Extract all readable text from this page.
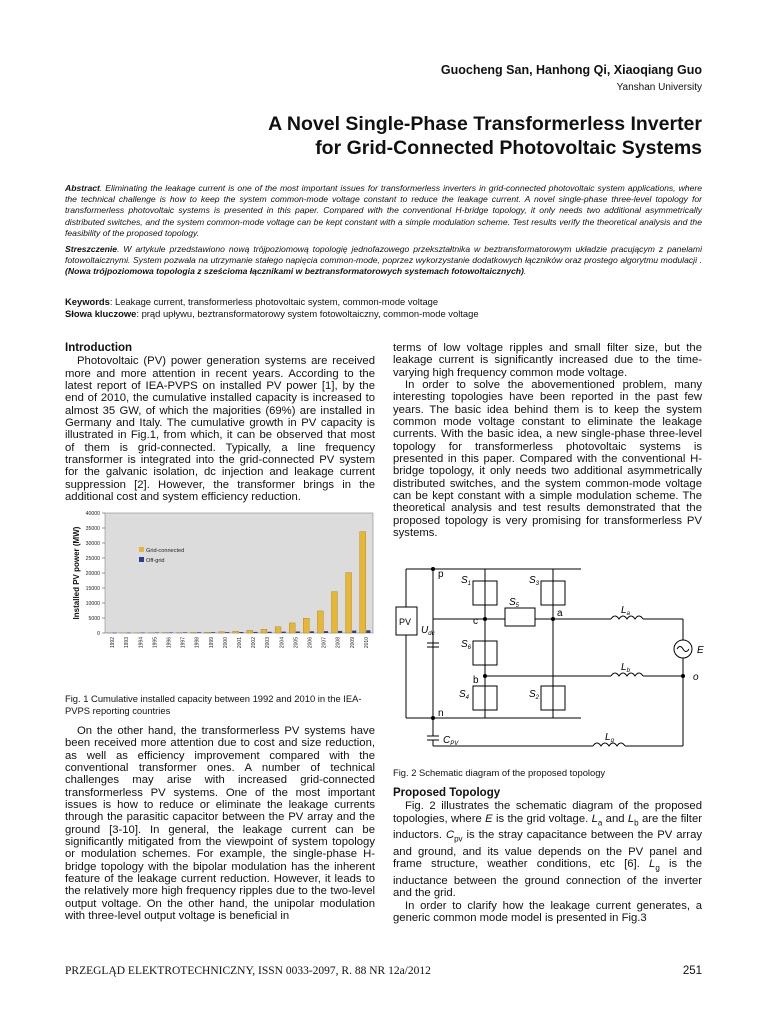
Guocheng San, Hanhong Qi, Xiaoqiang Guo
Yanshan University
A Novel Single-Phase Transformerless Inverter
for Grid-Connected Photovoltaic Systems
Abstract. Eliminating the leakage current is one of the most important issues for transformerless inverters in grid-connected photovoltaic system applications, where the technical challenge is how to keep the system common-mode voltage constant to reduce the leakage current. A novel single-phase three-level topology for transformerless photovoltaic systems is presented in this paper. Compared with the conventional H-bridge topology, it only needs two additional asymmetrically distributed switches, and the system common-mode voltage can be kept constant with a simple modulation scheme. Test results verify the theoretical analysis and the feasibility of the proposed topology.
Streszczenie. W artykule przedstawiono nową trójpoziomową topologię jednofazowego przekształtnika w beztransformatorowym układzie pracującym z panelami fotowoltaicznymi. System pozwala na utrzymanie stałego napięcia common-mode, poprzez wykorzystanie dodatkowych łączników oraz prostego algorytmu modulacji . (Nowa trójpoziomowa topologia z sześcioma łącznikami w beztransformatorowych systemach fotowoltaicznych).
Keywords: Leakage current, transformerless photovoltaic system, common-mode voltage
Słowa kluczowe: prąd upływu, beztransformatorowy system fotowoltaiczny, common-mode voltage
Introduction

Photovoltaic (PV) power generation systems are received more and more attention in recent years. According to the latest report of IEA-PVPS on installed PV power [1], by the end of 2010, the cumulative installed capacity is increased to almost 35 GW, of which the majorities (69%) are installed in Germany and Italy. The cumulative growth in PV capacity is illustrated in Fig.1, from which, it can be observed that most of them is grid-connected. Typically, a line frequency transformer is integrated into the grid-connected PV system for the galvanic isolation, dc injection and leakage current suppression [2]. However, the transformer brings in the additional cost and system efficiency reduction.

0
5000
10000
15000
20000
25000
30000
35000
40000
1992 1993 1994 1995 1996 1997 1998 1999 2000 2001 2002 2003 2004 2005 2006 2007 2008 2009 2010
Grid-connected
Off-grid
Installed PV power (MW)
Fig. 1 Cumulative installed capacity between 1992 and 2010 in the IEA-PVPS reporting countries

On the other hand, the transformerless PV systems have been received more attention due to cost and size reduction, as well as efficiency improvement compared with the conventional transformer ones. A number of technical challenges may arise with increased grid-connected transformerless PV systems. One of the most important issues is how to reduce or eliminate the leakage currents through the parasitic capacitor between the PV array and the ground [3-10]. In general, the leakage current can be significantly mitigated from the viewpoint of system topology or modulation schemes. For example, the single-phase H-bridge topology with the bipolar modulation has the inherent feature of the leakage current reduction. However, it leads to the relatively more high frequency ripples due to the two-level output voltage. On the other hand, the unipolar modulation with three-level output voltage is beneficial in

terms of low voltage ripples and small filter size, but the leakage current is significantly increased due to the time-varying high frequency common mode voltage.

In order to solve the abovementioned problem, many interesting topologies have been reported in the past few years. The basic idea behind them is to keep the system common mode voltage constant to eliminate the leakage currents. With the basic idea, a new single-phase three-level topology for transformerless photovoltaic systems is presented in this paper. Compared with the conventional H-bridge topology, it only needs two additional asymmetrically distributed switches, and the system common-mode voltage can be kept constant with a simple modulation scheme. The theoretical analysis and test results demonstrated that the proposed topology is very promising for transformerless PV systems.

p
n
c
a
b	o
PV
$U_{dc}$
$S_1$
$S_5$
$S_3$
$S_6$
$S_4$	$S_2$
$L_a$
$L_b$
$L_g$
E
$C_{PV}$
Fig. 2 Schematic diagram of the proposed topology
Proposed Topology

Fig. 2 illustrates the schematic diagram of the proposed topologies, where E is the grid voltage. $L_a$ and $L_b$ are the filter inductors. $C_{pv}$ is the stray capacitance between the PV array and ground, and its value depends on the PV panel and frame structure, weather conditions, etc [6]. $L_g$ is the inductance between the ground connection of the inverter and the grid.

In order to clarify how the leakage current generates, a generic common mode model is presented in Fig.3

PRZEGLĄD ELEKTROTECHNICZNY, ISSN 0033-2097, R. 88 NR 12a/2012	251
